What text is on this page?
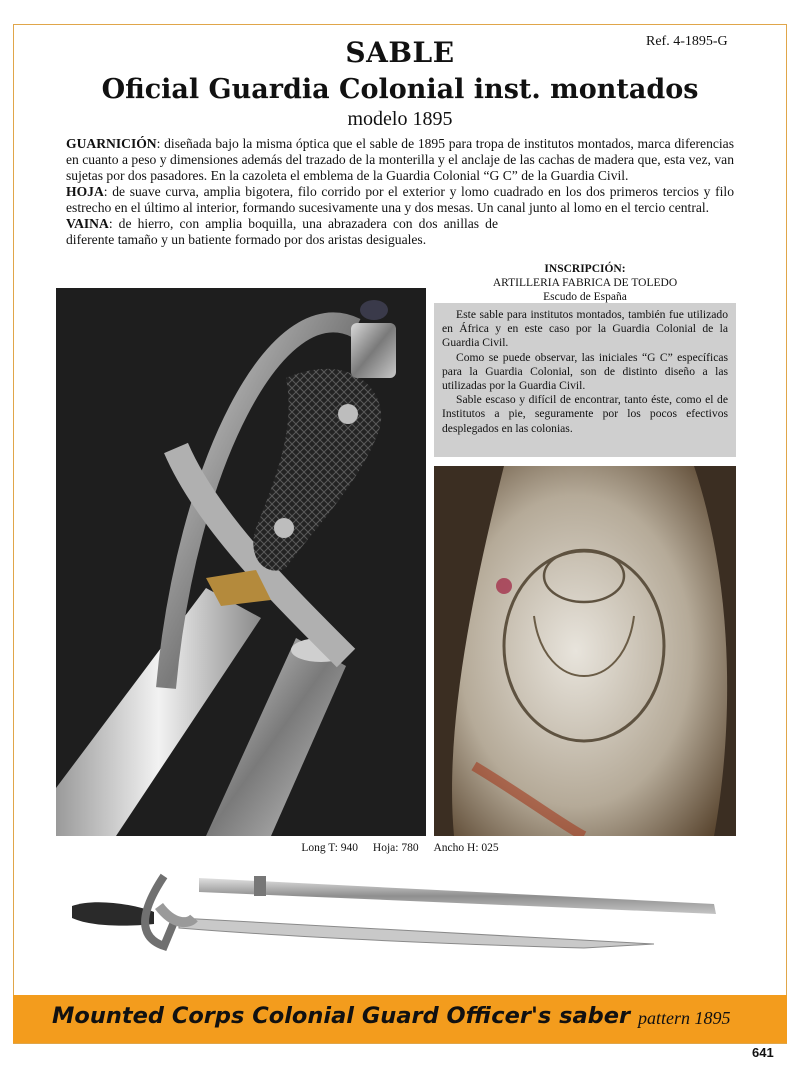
Ref. 4-1895-G
SABLE
Oficial Guardia Colonial inst. montados
modelo 1895

GUARNICIÓN: diseñada bajo la misma óptica que el sable de 1895 para tropa de institutos montados, marca diferencias en cuanto a peso y dimensiones además del trazado de la monterilla y el anclaje de las cachas de madera que, esta vez, van sujetas por dos pasadores. En la cazoleta el emblema de la Guardia Colonial “G C” de la Guardia Civil.

HOJA: de suave curva, amplia bigotera, filo corrido por el exterior y lomo cuadrado en los dos primeros tercios y filo estrecho en el último al interior, formando sucesivamente una y dos mesas. Un canal junto al lomo en el tercio central.

VAINA: de hierro, con amplia boquilla, una abrazadera con dos anillas de diferente tamaño y un batiente formado por dos aristas desiguales.

INSCRIPCIÓN:
ARTILLERIA FABRICA DE TOLEDO
Escudo de España

Este sable para institutos montados, también fue utilizado en África y en este caso por la Guardia Colonial de la Guardia Civil.

Como se puede observar, las iniciales “G C” específicas para la Guardia Colonial, son de distinto diseño a las utilizadas por la Guardia Civil.

Sable escaso y difícil de encontrar, tanto éste, como el de Institutos a pie, seguramente por los pocos efectivos desplegados en las colonias.

Long T: 940 Hoja: 780 Ancho H: 025
Mounted Corps Colonial Guard Officer's saber pattern 1895
641
